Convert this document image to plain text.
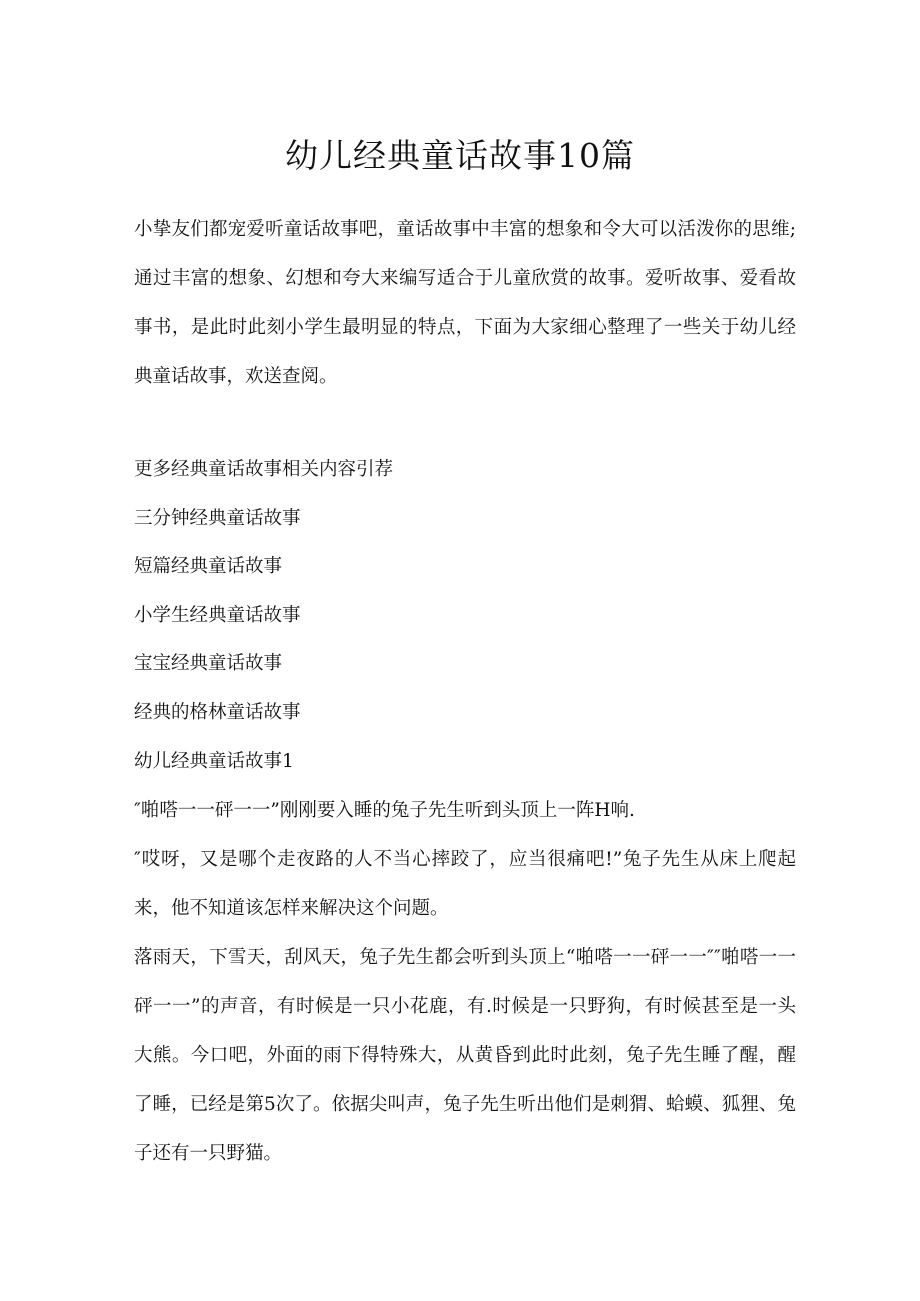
幼儿经典童话故事10篇

小挚友们都宠爱听童话故事吧，童话故事中丰富的想象和令大可以活泼你的思维;通过丰富的想象、幻想和夸大来编写适合于儿童欣赏的故事。爱听故事、爱看故事书，是此时此刻小学生最明显的特点，下面为大家细心整理了一些关于幼儿经典童话故事，欢送查阅。

更多经典童话故事相关内容引荐
三分钟经典童话故事
短篇经典童话故事
小学生经典童话故事
宝宝经典童话故事
经典的格林童话故事
幼儿经典童话故事1

″啪嗒一一砰一一”刚刚要入睡的兔子先生听到头顶上一阵H响.

″哎呀，又是哪个走夜路的人不当心摔跤了，应当很痛吧!”兔子先生从床上爬起来，他不知道该怎样来解决这个问题。

落雨天，下雪天，刮风天，兔子先生都会听到头顶上“啪嗒一一砰一一″″啪嗒一一砰一一”的声音，有时候是一只小花鹿，有.时候是一只野狗，有时候甚至是一头大熊。今口吧，外面的雨下得特殊大，从黄昏到此时此刻，兔子先生睡了醒，醒了睡，已经是第5次了。依据尖叫声，兔子先生听出他们是刺猬、蛤蟆、狐狸、兔子还有一只野猫。
